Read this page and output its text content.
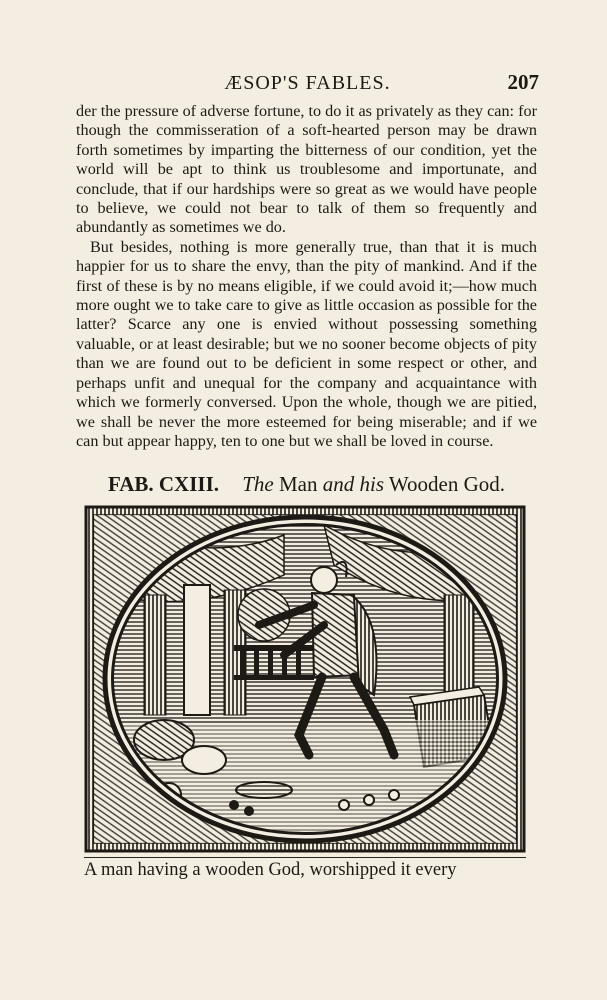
ÆSOP'S FABLES.	207

der the pressure of adverse fortune, to do it as privately as they can: for though the commisseration of a soft-hearted person may be drawn forth sometimes by imparting the bitterness of our condition, yet the world will be apt to think us troublesome and importunate, and conclude, that if our hardships were so great as we would have people to believe, we could not bear to talk of them so frequently and abundantly as sometimes we do.

But besides, nothing is more generally true, than that it is much happier for us to share the envy, than the pity of mankind. And if the first of these is by no means eligible, if we could avoid it;—how much more ought we to take care to give as little occasion as possible for the latter? Scarce any one is envied without possessing something valuable, or at least desirable; but we no sooner become objects of pity than we are found out to be deficient in some respect or other, and perhaps unfit and unequal for the company and acquaintance with which we formerly conversed. Upon the whole, though we are pitied, we shall be never the more esteemed for being miserable; and if we can but appear happy, ten to one but we shall be loved in course.

FAB. CXIII. The Man and his Wooden God.
A man having a wooden God, worshipped it every
